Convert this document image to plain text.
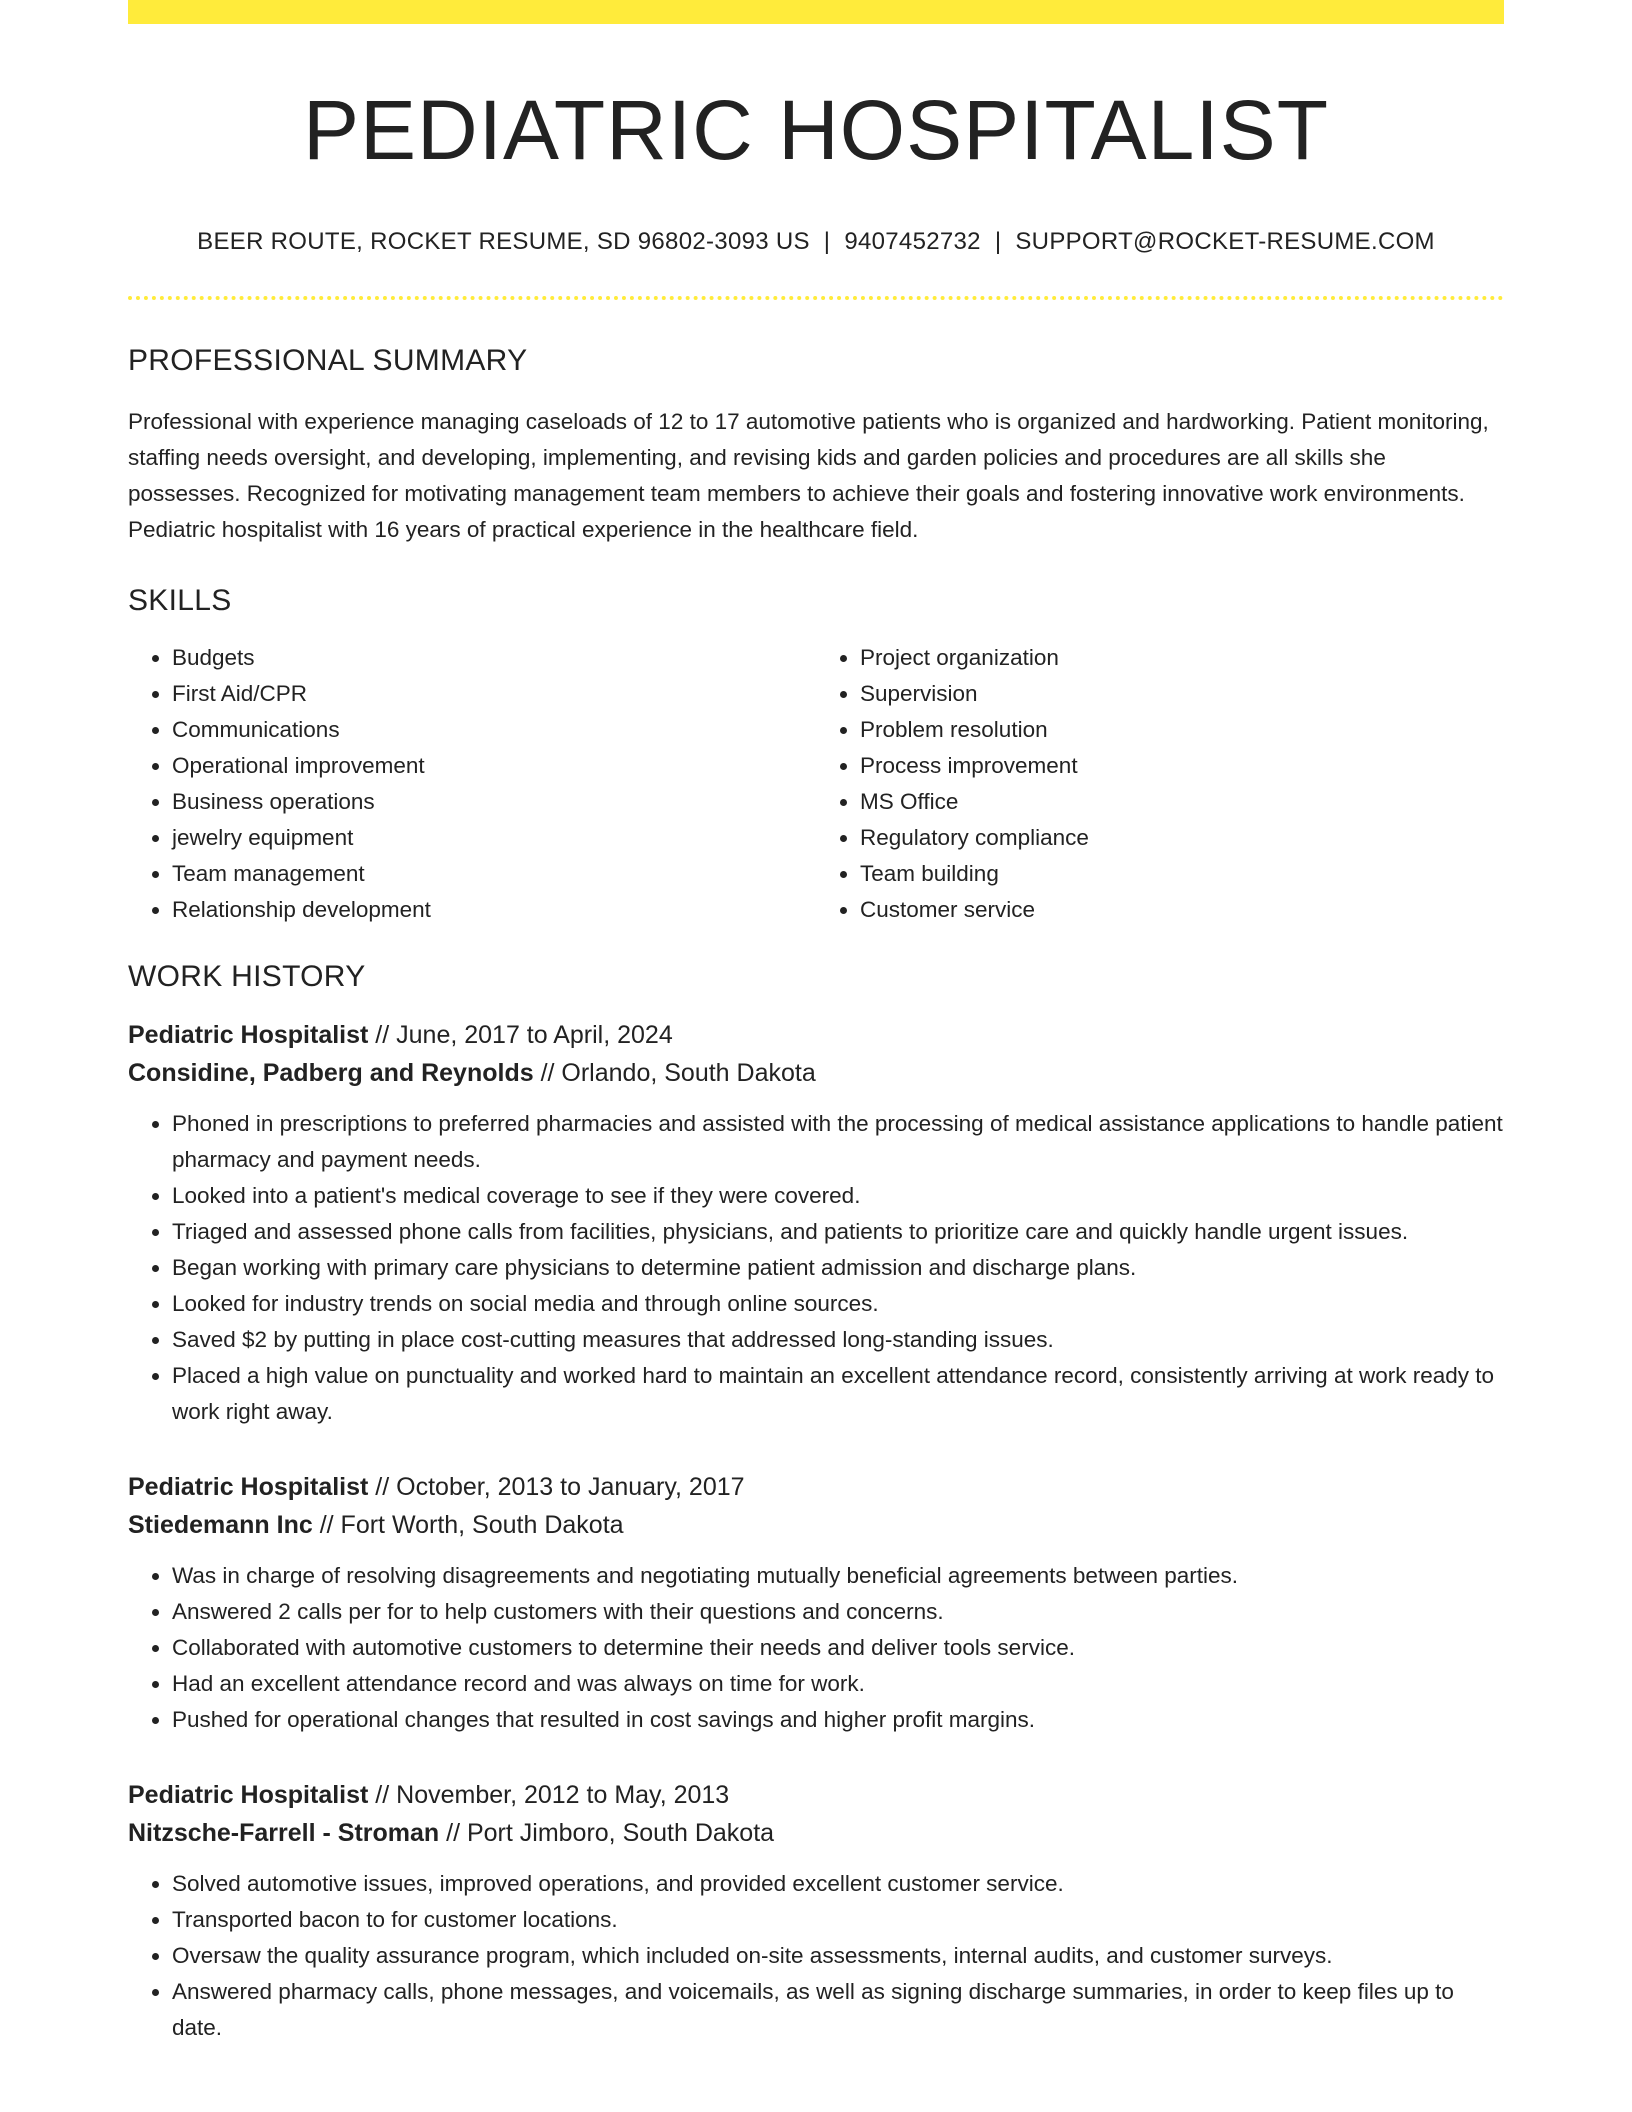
PEDIATRIC HOSPITALIST
BEER ROUTE, ROCKET RESUME, SD 96802-3093 US | 9407452732 | SUPPORT@ROCKET-RESUME.COM
PROFESSIONAL SUMMARY

Professional with experience managing caseloads of 12 to 17 automotive patients who is organized and hardworking. Patient monitoring, staffing needs oversight, and developing, implementing, and revising kids and garden policies and procedures are all skills she possesses. Recognized for motivating management team members to achieve their goals and fostering innovative work environments. Pediatric hospitalist with 16 years of practical experience in the healthcare field.

SKILLS
• Budgets
• First Aid/CPR
• Communications
• Operational improvement
• Business operations
• jewelry equipment
• Team management
• Relationship development
• Project organization
• Supervision
• Problem resolution
• Process improvement
• MS Office
• Regulatory compliance
• Team building
• Customer service
WORK HISTORY
Pediatric Hospitalist // June, 2017 to April, 2024
Considine, Padberg and Reynolds // Orlando, South Dakota
• Phoned in prescriptions to preferred pharmacies and assisted with the processing of medical assistance applications to handle patient pharmacy and payment needs.
• Looked into a patient's medical coverage to see if they were covered.
• Triaged and assessed phone calls from facilities, physicians, and patients to prioritize care and quickly handle urgent issues.
• Began working with primary care physicians to determine patient admission and discharge plans.
• Looked for industry trends on social media and through online sources.
• Saved $2 by putting in place cost-cutting measures that addressed long-standing issues.
• Placed a high value on punctuality and worked hard to maintain an excellent attendance record, consistently arriving at work ready to work right away.
Pediatric Hospitalist // October, 2013 to January, 2017
Stiedemann Inc // Fort Worth, South Dakota
• Was in charge of resolving disagreements and negotiating mutually beneficial agreements between parties.
• Answered 2 calls per for to help customers with their questions and concerns.
• Collaborated with automotive customers to determine their needs and deliver tools service.
• Had an excellent attendance record and was always on time for work.
• Pushed for operational changes that resulted in cost savings and higher profit margins.
Pediatric Hospitalist // November, 2012 to May, 2013
Nitzsche-Farrell - Stroman // Port Jimboro, South Dakota
• Solved automotive issues, improved operations, and provided excellent customer service.
• Transported bacon to for customer locations.
• Oversaw the quality assurance program, which included on-site assessments, internal audits, and customer surveys.
• Answered pharmacy calls, phone messages, and voicemails, as well as signing discharge summaries, in order to keep files up to date.
